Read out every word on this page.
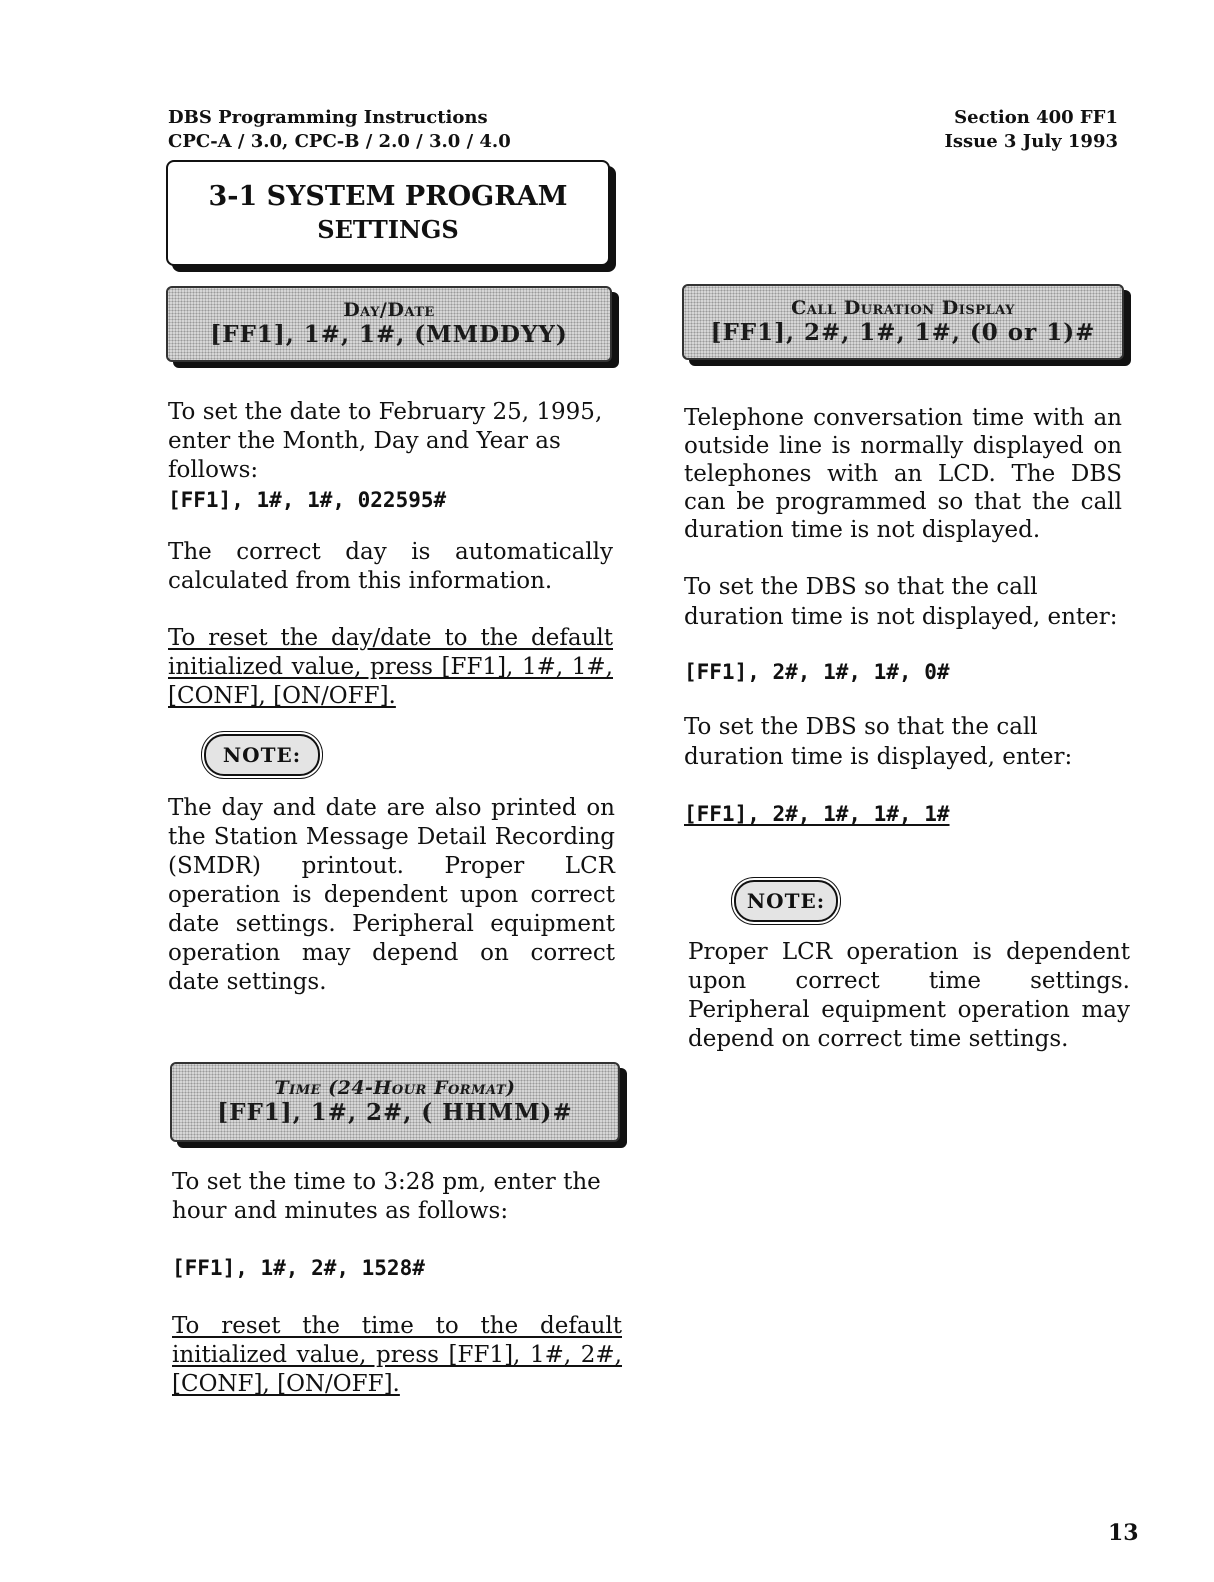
DBS Programming Instructions
CPC-A / 3.0, CPC-B / 2.0 / 3.0 / 4.0
Section 400 FF1
Issue 3 July 1993
3-1 SYSTEM PROGRAM
SETTINGS
Day/Date
[FF1], 1#, 1#, (MMDDYY)
To set the date to February 25, 1995, enter the Month, Day and Year as follows:
[FF1], 1#, 1#, 022595#
The correct day is automatically calculated from this information.
To reset the day/date to the default initialized value, press [FF1], 1#, 1#, [CONF], [ON/OFF].
NOTE:
The day and date are also printed on the Station Message Detail Recording (SMDR) printout. Proper LCR operation is dependent upon correct date settings. Peripheral equipment operation may depend on correct date settings.
Time (24-Hour Format)
[FF1], 1#, 2#, ( HHMM)#
To set the time to 3:28 pm, enter the hour and minutes as follows:
[FF1], 1#, 2#, 1528#
To reset the time to the default initialized value, press [FF1], 1#, 2#, [CONF], [ON/OFF].
Call Duration Display
[FF1], 2#, 1#, 1#, (0 or 1)#
Telephone conversation time with an outside line is normally displayed on telephones with an LCD. The DBS can be programmed so that the call duration time is not displayed.
To set the DBS so that the call duration time is not displayed, enter:
[FF1], 2#, 1#, 1#, 0#
To set the DBS so that the call duration time is displayed, enter:
[FF1], 2#, 1#, 1#, 1#
NOTE:
Proper LCR operation is dependent upon correct time settings. Peripheral equipment operation may depend on correct time settings.
13
